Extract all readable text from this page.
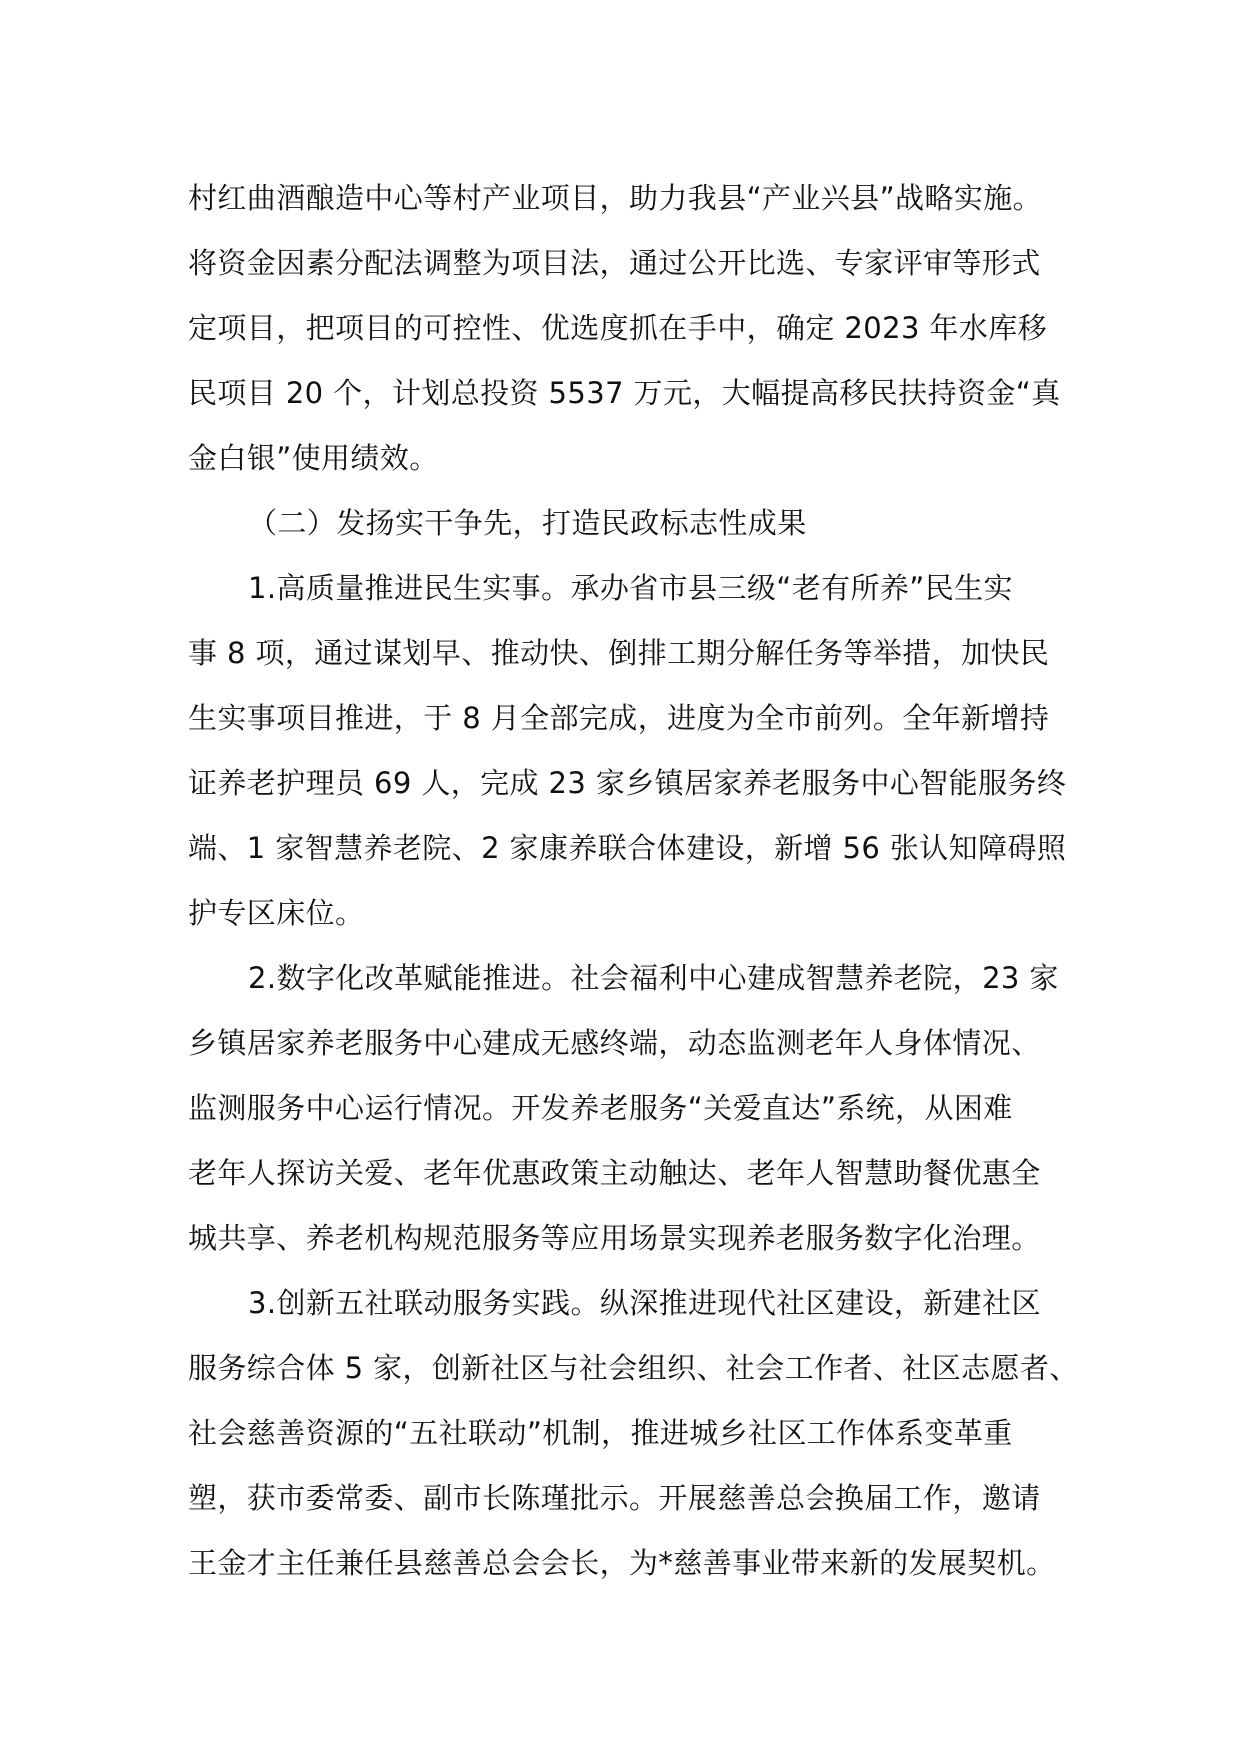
村红曲酒酿造中心等村产业项目，助力我县“产业兴县”战略实施。
将资金因素分配法调整为项目法，通过公开比选、专家评审等形式
定项目，把项目的可控性、优选度抓在手中，确定 2023 年水库移
民项目 20 个，计划总投资 5537 万元，大幅提高移民扶持资金“真
金白银”使用绩效。
（二）发扬实干争先，打造民政标志性成果
1.高质量推进民生实事。承办省市县三级“老有所养”民生实
事 8 项，通过谋划早、推动快、倒排工期分解任务等举措，加快民
生实事项目推进，于 8 月全部完成，进度为全市前列。全年新增持
证养老护理员 69 人，完成 23 家乡镇居家养老服务中心智能服务终
端、1 家智慧养老院、2 家康养联合体建设，新增 56 张认知障碍照
护专区床位。
2.数字化改革赋能推进。社会福利中心建成智慧养老院，23 家
乡镇居家养老服务中心建成无感终端，动态监测老年人身体情况、
监测服务中心运行情况。开发养老服务“关爱直达”系统，从困难
老年人探访关爱、老年优惠政策主动触达、老年人智慧助餐优惠全
城共享、养老机构规范服务等应用场景实现养老服务数字化治理。
3.创新五社联动服务实践。纵深推进现代社区建设，新建社区
服务综合体 5 家，创新社区与社会组织、社会工作者、社区志愿者、
社会慈善资源的“五社联动”机制，推进城乡社区工作体系变革重
塑，获市委常委、副市长陈瑾批示。开展慈善总会换届工作，邀请
王金才主任兼任县慈善总会会长，为*慈善事业带来新的发展契机。
